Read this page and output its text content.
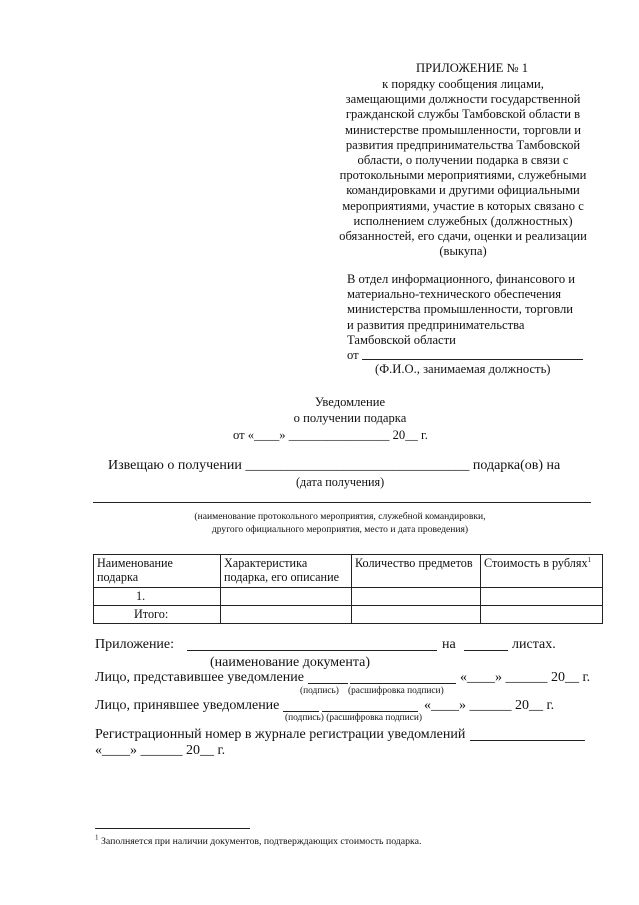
ПРИЛОЖЕНИЕ № 1
к порядку сообщения лицами,
замещающими должности государственной
гражданской службы Тамбовской области в
министерстве промышленности, торговли и
развития предпринимательства Тамбовской
области, о получении подарка в связи с
протокольными мероприятиями, служебными
командировками и другими официальными
мероприятиями, участие в которых связано с
исполнением служебных (должностных)
обязанностей, его сдачи, оценки и реализации
(выкупа)
В отдел информационного, финансового и
материально-технического обеспечения
министерства промышленности, торговли
и развития предпринимательства
Тамбовской области
от
(Ф.И.О., занимаемая должность)
Уведомление
о получении подарка
от «____» ________________ 20__ г.
Извещаю о получении ________________________________ подарка(ов) на
(дата получения)
(наименование протокольного мероприятия, служебной командировки,
другого официального мероприятия, место и дата проведения)
Наименование подарка	Характеристика подарка, его описание	Количество предметов	Стоимость в рублях$^1$
1.			
Итого:			
Приложение:	на	листах.
(наименование документа)
Лицо, представившее уведомление	«____» ______ 20__ г.
(подпись) (расшифровка подписи)
Лицо, принявшее уведомление	«____» ______ 20__ г.
(подпись) (расшифровка подписи)
Регистрационный номер в журнале регистрации уведомлений
«____» ______ 20__ г.
$^1$ Заполняется при наличии документов, подтверждающих стоимость подарка.
